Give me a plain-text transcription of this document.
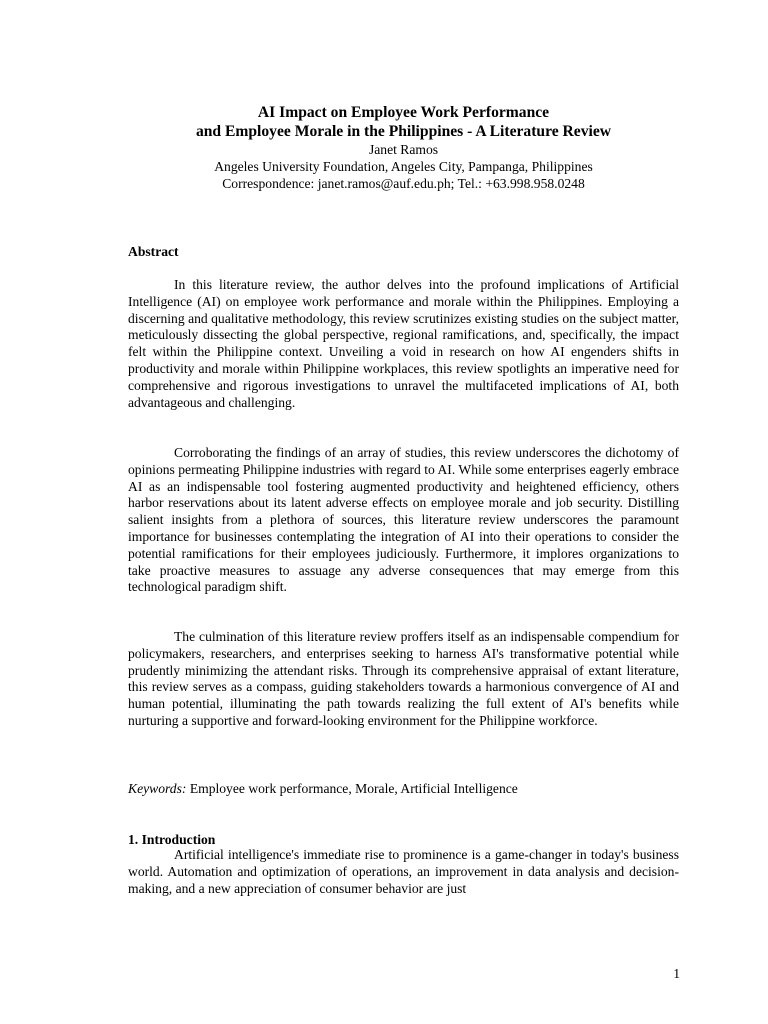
AI Impact on Employee Work Performance
and Employee Morale in the Philippines - A Literature Review
Janet Ramos
Angeles University Foundation, Angeles City, Pampanga, Philippines
Correspondence: janet.ramos@auf.edu.ph; Tel.: +63.998.958.0248
Abstract

In this literature review, the author delves into the profound implications of Artificial Intelligence (AI) on employee work performance and morale within the Philippines. Employing a discerning and qualitative methodology, this review scrutinizes existing studies on the subject matter, meticulously dissecting the global perspective, regional ramifications, and, specifically, the impact felt within the Philippine context. Unveiling a void in research on how AI engenders shifts in productivity and morale within Philippine workplaces, this review spotlights an imperative need for comprehensive and rigorous investigations to unravel the multifaceted implications of AI, both advantageous and challenging.

Corroborating the findings of an array of studies, this review underscores the dichotomy of opinions permeating Philippine industries with regard to AI. While some enterprises eagerly embrace AI as an indispensable tool fostering augmented productivity and heightened efficiency, others harbor reservations about its latent adverse effects on employee morale and job security. Distilling salient insights from a plethora of sources, this literature review underscores the paramount importance for businesses contemplating the integration of AI into their operations to consider the potential ramifications for their employees judiciously. Furthermore, it implores organizations to take proactive measures to assuage any adverse consequences that may emerge from this technological paradigm shift.

The culmination of this literature review proffers itself as an indispensable compendium for policymakers, researchers, and enterprises seeking to harness AI's transformative potential while prudently minimizing the attendant risks. Through its comprehensive appraisal of extant literature, this review serves as a compass, guiding stakeholders towards a harmonious convergence of AI and human potential, illuminating the path towards realizing the full extent of AI's benefits while nurturing a supportive and forward-looking environment for the Philippine workforce.

Keywords: Employee work performance, Morale, Artificial Intelligence
1. Introduction

Artificial intelligence's immediate rise to prominence is a game-changer in today's business world. Automation and optimization of operations, an improvement in data analysis and decision-making, and a new appreciation of consumer behavior are just

1
